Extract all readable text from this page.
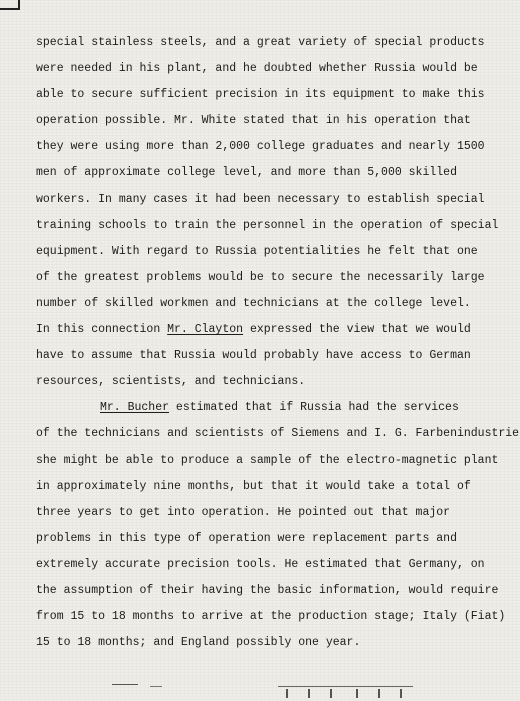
special stainless steels, and a great variety of special products
were needed in his plant, and he doubted whether Russia would be
able to secure sufficient precision in its equipment to make this
operation possible. Mr. White stated that in his operation that
they were using more than 2,000 college graduates and nearly 1500
men of approximate college level, and more than 5,000 skilled
workers. In many cases it had been necessary to establish special
training schools to train the personnel in the operation of special
equipment. With regard to Russia potentialities he felt that one
of the greatest problems would be to secure the necessarily large
number of skilled workmen and technicians at the college level.
In this connection Mr. Clayton expressed the view that we would
have to assume that Russia would probably have access to German
resources, scientists, and technicians.
Mr. Bucher estimated that if Russia had the services
of the technicians and scientists of Siemens and I. G. Farbenindustrie
she might be able to produce a sample of the electro-magnetic plant
in approximately nine months, but that it would take a total of
three years to get into operation. He pointed out that major
problems in this type of operation were replacement parts and
extremely accurate precision tools. He estimated that Germany, on
the assumption of their having the basic information, would require
from 15 to 18 months to arrive at the production stage; Italy (Fiat)
15 to 18 months; and England possibly one year.
